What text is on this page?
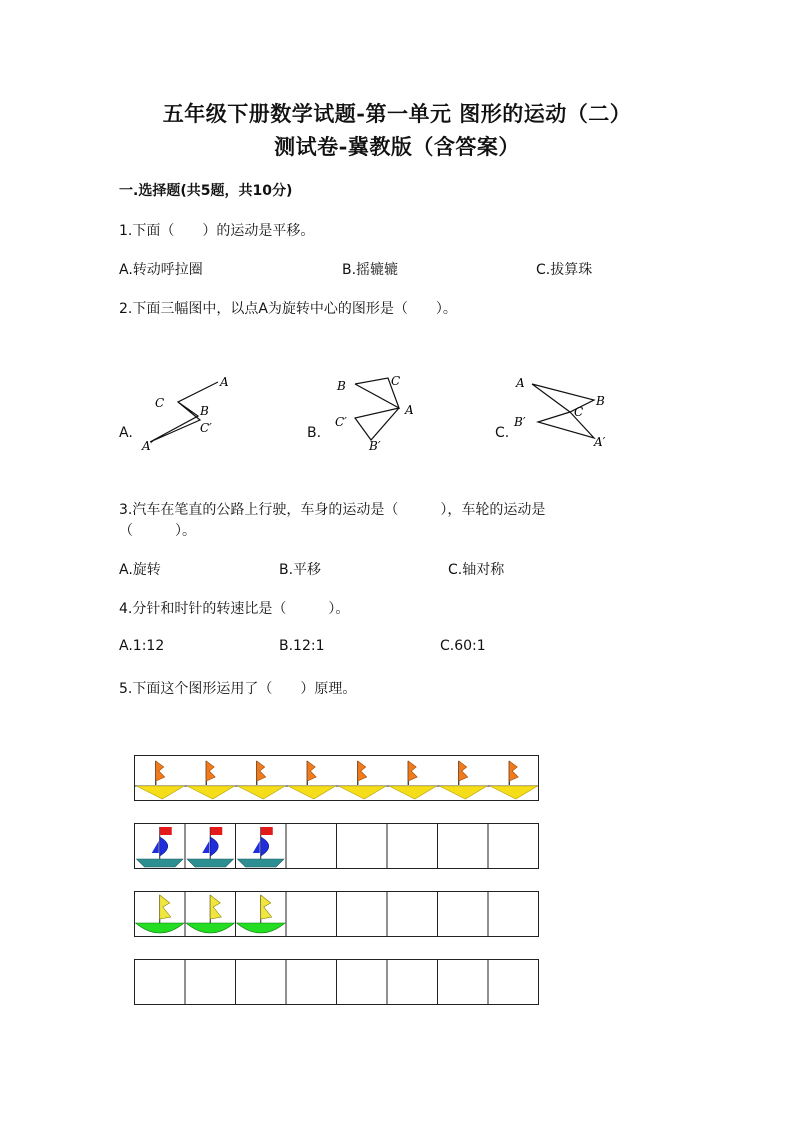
五年级下册数学试题-第一单元 图形的运动（二）
测试卷-冀教版（含答案）
一.选择题(共5题，共10分)
1.下面（　　）的运动是平移。
A.转动呼拉圈	B.摇辘辘	C.拔算珠
2.下面三幅图中，以点A为旋转中心的图形是（　　）。
A.	B.	C.
C
A
B
C′
A′
B	C
A
C′
B′
A
B
C
B′
A′
3.汽车在笔直的公路上行驶，车身的运动是（　　　），车轮的运动是
（　　　）。
A.旋转	B.平移	C.轴对称
4.分针和时针的转速比是（　　　）。
A.1:12	B.12:1	C.60:1
5.下面这个图形运用了（　　）原理。
